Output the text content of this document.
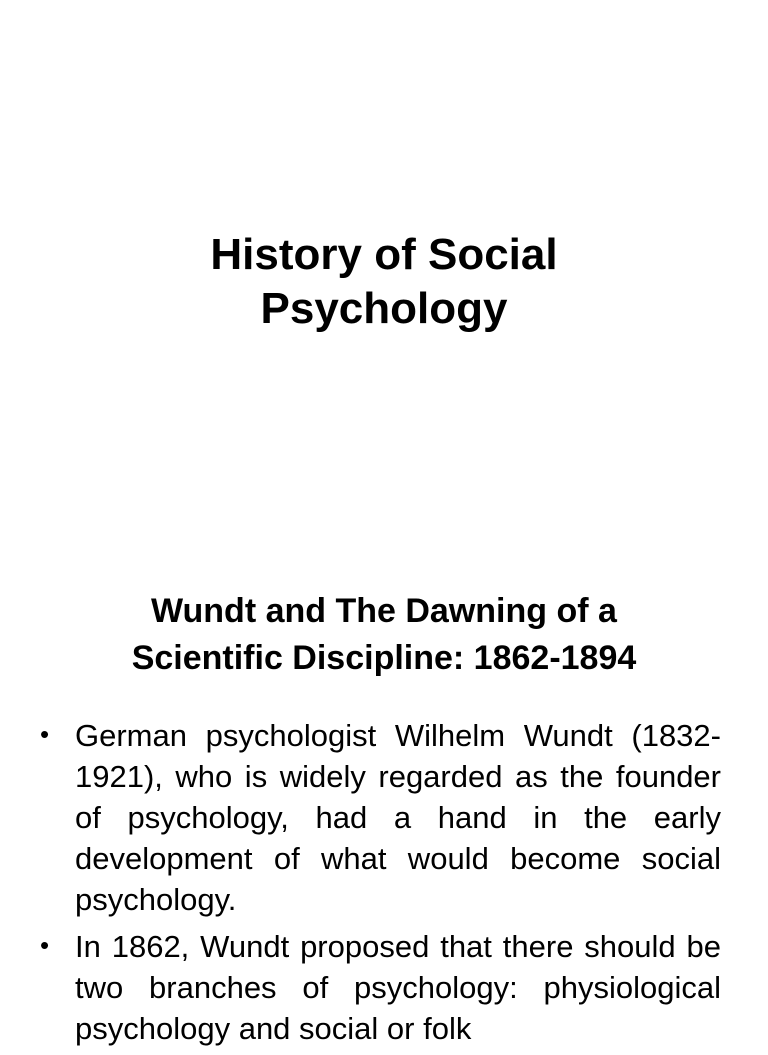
History of Social
Psychology
Wundt and The Dawning of a
Scientific Discipline: 1862-1894
• German psychologist Wilhelm Wundt (1832-1921), who is widely regarded as the founder of psychology, had a hand in the early development of what would become social psychology.
• In 1862, Wundt proposed that there should be two branches of psychology: physiological psychology and social or folk
